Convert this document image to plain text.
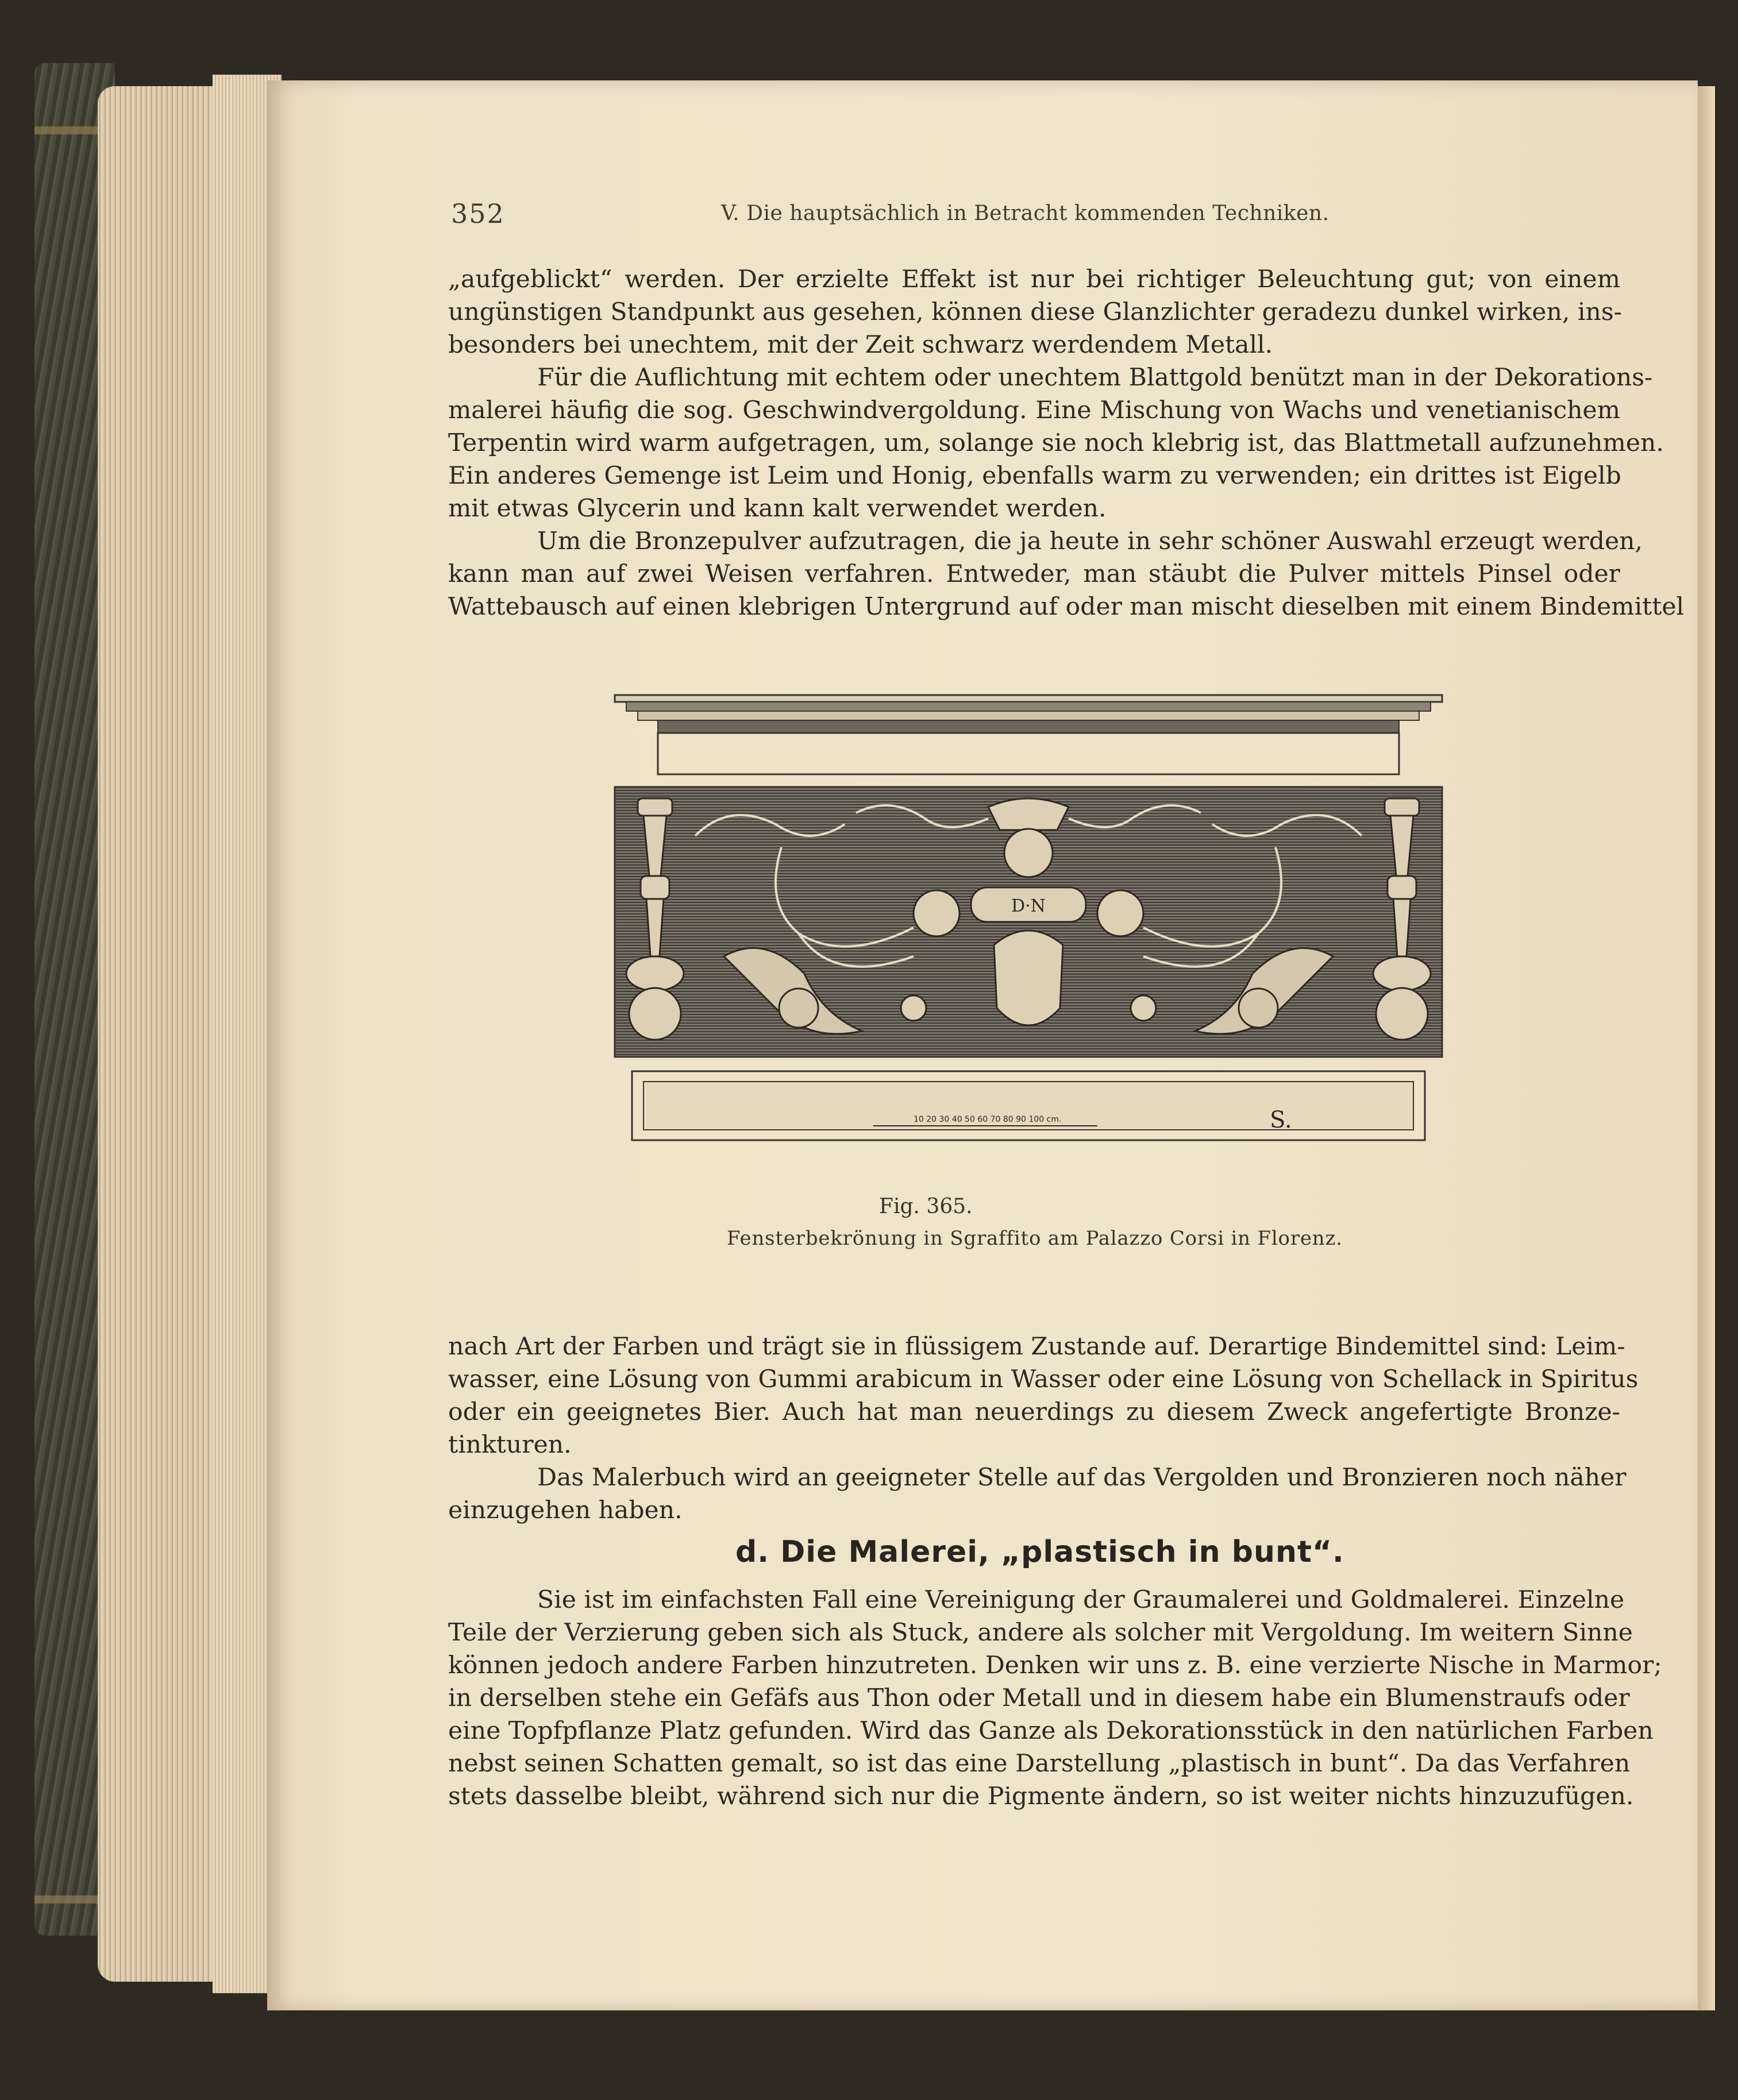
352	V. Die hauptsächlich in Betracht kommenden Techniken.
„aufgeblickt“ werden. Der erzielte Effekt ist nur bei richtiger Beleuchtung gut; von einem
ungünstigen Standpunkt aus gesehen, können diese Glanzlichter geradezu dunkel wirken, ins-
besonders bei unechtem, mit der Zeit schwarz werdendem Metall.
Für die Auflichtung mit echtem oder unechtem Blattgold benützt man in der Dekorations-
malerei häufig die sog. Geschwindvergoldung. Eine Mischung von Wachs und venetianischem
Terpentin wird warm aufgetragen, um, solange sie noch klebrig ist, das Blattmetall aufzunehmen.
Ein anderes Gemenge ist Leim und Honig, ebenfalls warm zu verwenden; ein drittes ist Eigelb
mit etwas Glycerin und kann kalt verwendet werden.
Um die Bronzepulver aufzutragen, die ja heute in sehr schöner Auswahl erzeugt werden,
kann man auf zwei Weisen verfahren. Entweder, man stäubt die Pulver mittels Pinsel oder
Wattebausch auf einen klebrigen Untergrund auf oder man mischt dieselben mit einem Bindemittel
D·N
10 20 30 40 50 60 70 80 90 100 cm.	S.
Fig. 365.
Fensterbekrönung in Sgraffito am Palazzo Corsi in Florenz.
nach Art der Farben und trägt sie in flüssigem Zustande auf. Derartige Bindemittel sind: Leim-
wasser, eine Lösung von Gummi arabicum in Wasser oder eine Lösung von Schellack in Spiritus
oder ein geeignetes Bier. Auch hat man neuerdings zu diesem Zweck angefertigte Bronze-
tinkturen.
Das Malerbuch wird an geeigneter Stelle auf das Vergolden und Bronzieren noch näher
einzugehen haben.
d. Die Malerei, „plastisch in bunt“.
Sie ist im einfachsten Fall eine Vereinigung der Graumalerei und Goldmalerei. Einzelne
Teile der Verzierung geben sich als Stuck, andere als solcher mit Vergoldung. Im weitern Sinne
können jedoch andere Farben hinzutreten. Denken wir uns z. B. eine verzierte Nische in Marmor;
in derselben stehe ein Gefäfs aus Thon oder Metall und in diesem habe ein Blumenstraufs oder
eine Topfpflanze Platz gefunden. Wird das Ganze als Dekorationsstück in den natürlichen Farben
nebst seinen Schatten gemalt, so ist das eine Darstellung „plastisch in bunt“. Da das Verfahren
stets dasselbe bleibt, während sich nur die Pigmente ändern, so ist weiter nichts hinzuzufügen.
